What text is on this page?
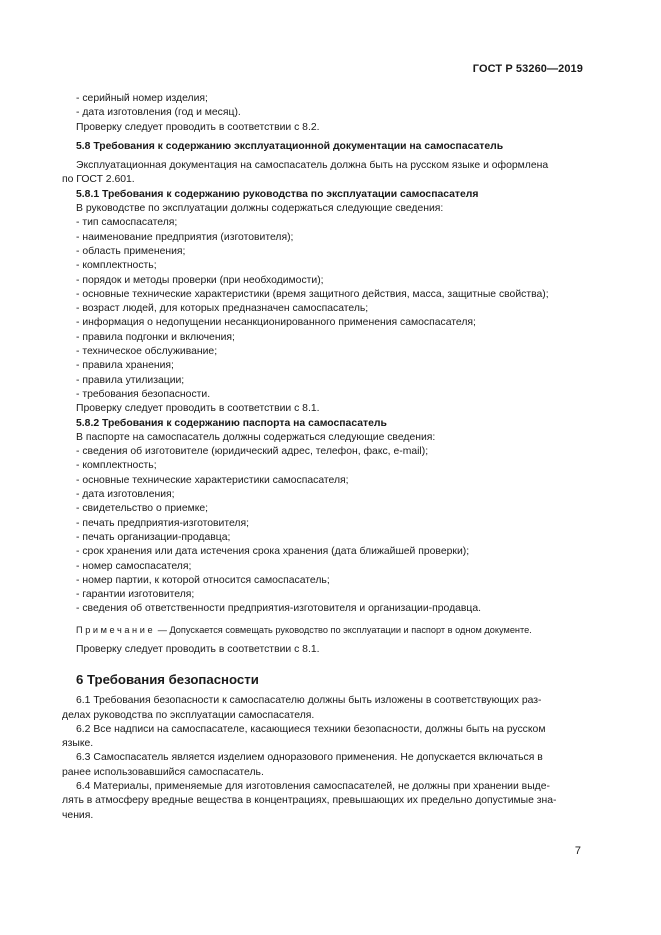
ГОСТ Р 53260—2019
- серийный номер изделия;
- дата изготовления (год и месяц).
Проверку следует проводить в соответствии с 8.2.
5.8 Требования к содержанию эксплуатационной документации на самоспасатель
Эксплуатационная документация на самоспасатель должна быть на русском языке и оформлена
по ГОСТ 2.601.
5.8.1 Требования к содержанию руководства по эксплуатации самоспасателя
В руководстве по эксплуатации должны содержаться следующие сведения:
- тип самоспасателя;
- наименование предприятия (изготовителя);
- область применения;
- комплектность;
- порядок и методы проверки (при необходимости);
- основные технические характеристики (время защитного действия, масса, защитные свойства);
- возраст людей, для которых предназначен самоспасатель;
- информация о недопущении несанкционированного применения самоспасателя;
- правила подгонки и включения;
- техническое обслуживание;
- правила хранения;
- правила утилизации;
- требования безопасности.
Проверку следует проводить в соответствии с 8.1.
5.8.2 Требования к содержанию паспорта на самоспасатель
В паспорте на самоспасатель должны содержаться следующие сведения:
- сведения об изготовителе (юридический адрес, телефон, факс, e-mail);
- комплектность;
- основные технические характеристики самоспасателя;
- дата изготовления;
- свидетельство о приемке;
- печать предприятия-изготовителя;
- печать организации-продавца;
- срок хранения или дата истечения срока хранения (дата ближайшей проверки);
- номер самоспасателя;
- номер партии, к которой относится самоспасатель;
- гарантии изготовителя;
- сведения об ответственности предприятия-изготовителя и организации-продавца.
Примечание — Допускается совмещать руководство по эксплуатации и паспорт в одном документе.
Проверку следует проводить в соответствии с 8.1.
6 Требования безопасности
6.1 Требования безопасности к самоспасателю должны быть изложены в соответствующих раз-
делах руководства по эксплуатации самоспасателя.
6.2 Все надписи на самоспасателе, касающиеся техники безопасности, должны быть на русском
языке.
6.3 Самоспасатель является изделием одноразового применения. Не допускается включаться в
ранее использовавшийся самоспасатель.
6.4 Материалы, применяемые для изготовления самоспасателей, не должны при хранении выде-
лять в атмосферу вредные вещества в концентрациях, превышающих их предельно допустимые зна-
чения.
7
